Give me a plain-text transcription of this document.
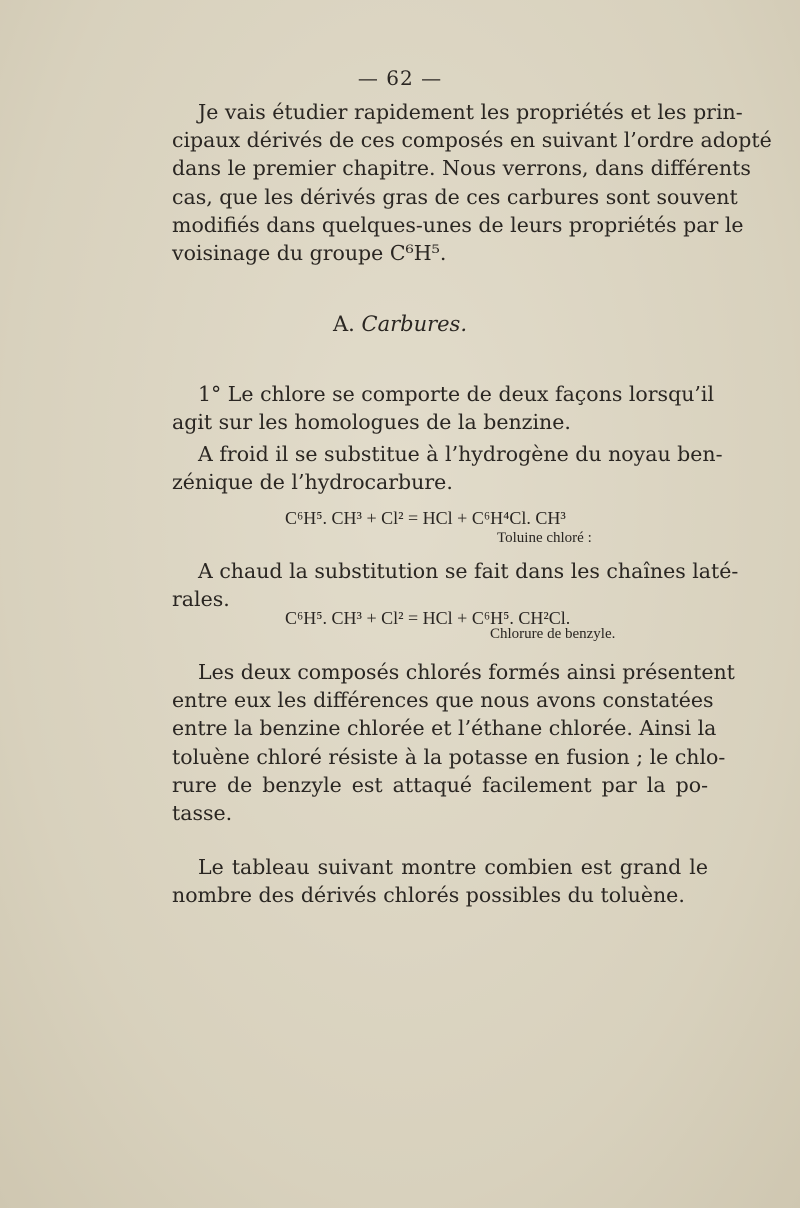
— 62 —
Je vais étudier rapidement les propriétés et les prin-
cipaux dérivés de ces composés en suivant l’ordre adopté
dans le premier chapitre. Nous verrons, dans différents
cas, que les dérivés gras de ces carbures sont souvent
modifiés dans quelques-unes de leurs propriétés par le
voisinage du groupe C⁶H⁵.
A. Carbures.
1° Le chlore se comporte de deux façons lorsqu’il
agit sur les homologues de la benzine.
A froid il se substitue à l’hydrogène du noyau ben-
zénique de l’hydrocarbure.
C⁶H⁵. CH³ + Cl² = HCl + C⁶H⁴Cl. CH³
Toluine chloré :
A chaud la substitution se fait dans les chaînes laté-
rales.
C⁶H⁵. CH³ + Cl² = HCl + C⁶H⁵. CH²Cl.
Chlorure de benzyle.
Les deux composés chlorés formés ainsi présentent
entre eux les différences que nous avons constatées
entre la benzine chlorée et l’éthane chlorée. Ainsi la
toluène chloré résiste à la potasse en fusion ; le chlo-
rure de benzyle est attaqué facilement par la po-
tasse.
Le tableau suivant montre combien est grand le
nombre des dérivés chlorés possibles du toluène.
